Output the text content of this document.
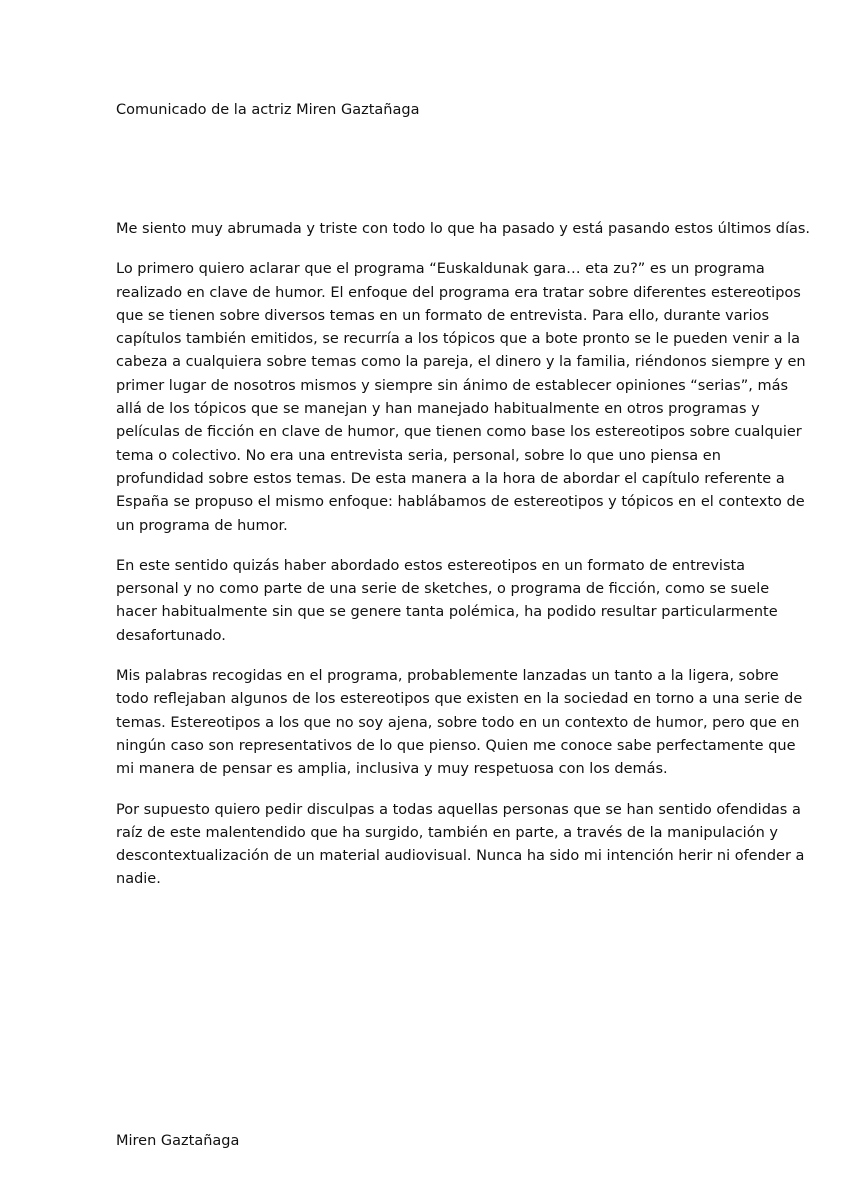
Comunicado de la actriz Miren Gaztañaga

Me siento muy abrumada y triste con todo lo que ha pasado y está pasando estos últimos días.

Lo primero quiero aclarar que el programa “Euskaldunak gara… eta zu?” es un programa
realizado en clave de humor. El enfoque del programa era tratar sobre diferentes estereotipos
que se tienen sobre diversos temas en un formato de entrevista. Para ello, durante varios
capítulos también emitidos, se recurría a los tópicos que a bote pronto se le pueden venir a la
cabeza a cualquiera sobre temas como la pareja, el dinero y la familia, riéndonos siempre y en
primer lugar de nosotros mismos y siempre sin ánimo de establecer opiniones “serias”, más
allá de los tópicos que se manejan y han manejado habitualmente en otros programas y
películas de ficción en clave de humor, que tienen como base los estereotipos sobre cualquier
tema o colectivo. No era una entrevista seria, personal, sobre lo que uno piensa en
profundidad sobre estos temas. De esta manera a la hora de abordar el capítulo referente a
España se propuso el mismo enfoque: hablábamos de estereotipos y tópicos en el contexto de
un programa de humor.

En este sentido quizás haber abordado estos estereotipos en un formato de entrevista
personal y no como parte de una serie de sketches, o programa de ficción, como se suele
hacer habitualmente sin que se genere tanta polémica, ha podido resultar particularmente
desafortunado.

Mis palabras recogidas en el programa, probablemente lanzadas un tanto a la ligera, sobre
todo reflejaban algunos de los estereotipos que existen en la sociedad en torno a una serie de
temas. Estereotipos a los que no soy ajena, sobre todo en un contexto de humor, pero que en
ningún caso son representativos de lo que pienso. Quien me conoce sabe perfectamente que
mi manera de pensar es amplia, inclusiva y muy respetuosa con los demás.

Por supuesto quiero pedir disculpas a todas aquellas personas que se han sentido ofendidas a
raíz de este malentendido que ha surgido, también en parte, a través de la manipulación y
descontextualización de un material audiovisual. Nunca ha sido mi intención herir ni ofender a
nadie.

Miren Gaztañaga
